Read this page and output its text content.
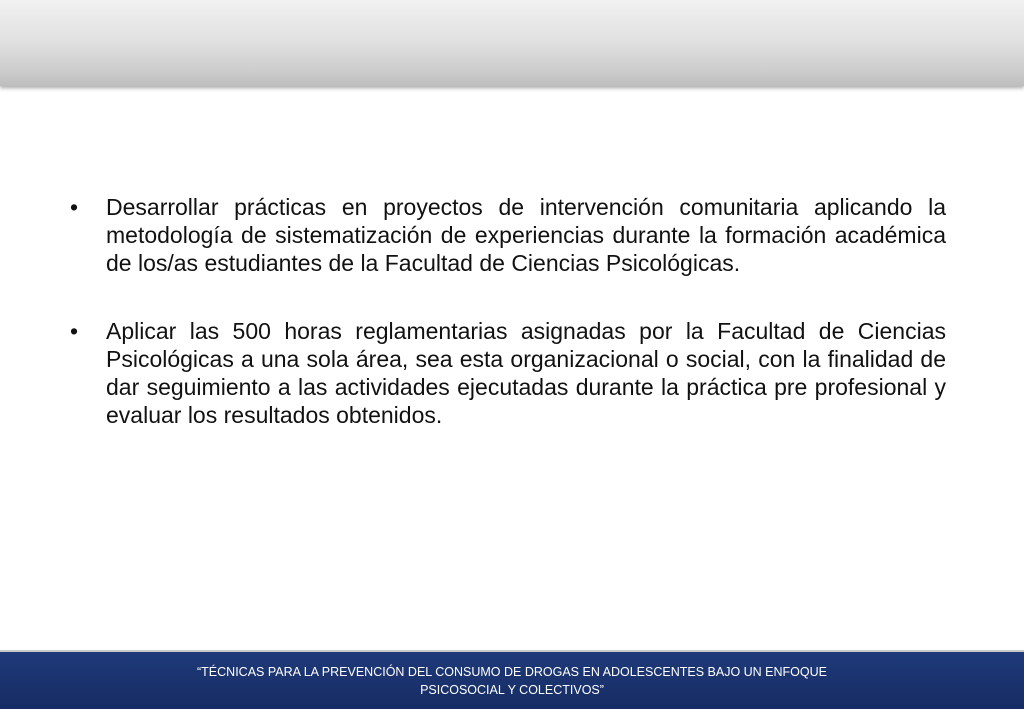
• Desarrollar prácticas en proyectos de intervención comunitaria aplicando la metodología de sistematización de experiencias durante la formación académica de los/as estudiantes de la Facultad de Ciencias Psicológicas.
• Aplicar las 500 horas reglamentarias asignadas por la Facultad de Ciencias Psicológicas a una sola área, sea esta organizacional o social, con la finalidad de dar seguimiento a las actividades ejecutadas durante la práctica pre profesional y evaluar los resultados obtenidos.
“TÉCNICAS PARA LA PREVENCIÓN DEL CONSUMO DE DROGAS EN ADOLESCENTES BAJO UN ENFOQUE
PSICOSOCIAL Y COLECTIVOS”
